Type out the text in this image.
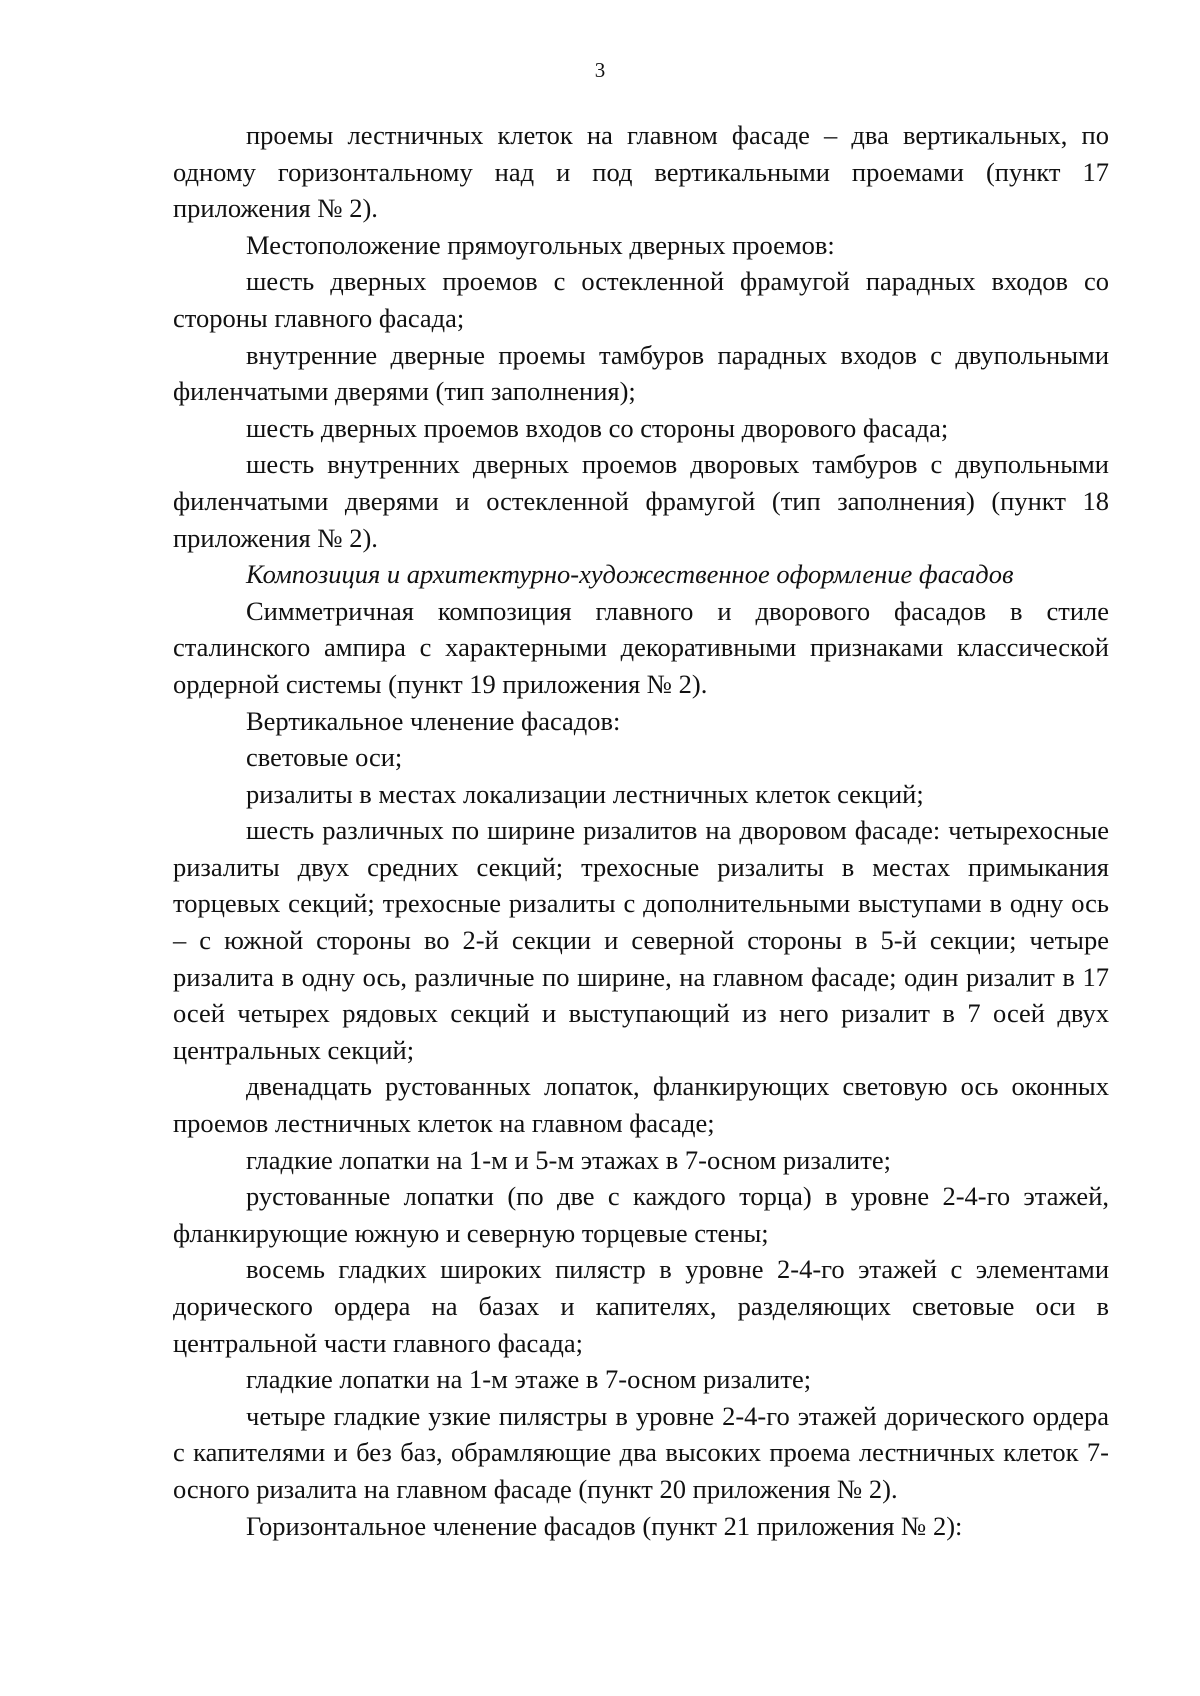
3

проемы лестничных клеток на главном фасаде – два вертикальных, по одному горизонтальному над и под вертикальными проемами (пункт 17 приложения № 2).

Местоположение прямоугольных дверных проемов:

шесть дверных проемов с остекленной фрамугой парадных входов со стороны главного фасада;

внутренние дверные проемы тамбуров парадных входов с двупольными филенчатыми дверями (тип заполнения);

шесть дверных проемов входов со стороны дворового фасада;

шесть внутренних дверных проемов дворовых тамбуров с двупольными филенчатыми дверями и остекленной фрамугой (тип заполнения) (пункт 18 приложения № 2).

Композиция и архитектурно-художественное оформление фасадов

Симметричная композиция главного и дворового фасадов в стиле сталинского ампира с характерными декоративными признаками классической ордерной системы (пункт 19 приложения № 2).

Вертикальное членение фасадов:

световые оси;

ризалиты в местах локализации лестничных клеток секций;

шесть различных по ширине ризалитов на дворовом фасаде: четырехосные ризалиты двух средних секций; трехосные ризалиты в местах примыкания торцевых секций; трехосные ризалиты с дополнительными выступами в одну ось – с южной стороны во 2-й секции и северной стороны в 5-й секции; четыре ризалита в одну ось, различные по ширине, на главном фасаде; один ризалит в 17 осей четырех рядовых секций и выступающий из него ризалит в 7 осей двух центральных секций;

двенадцать рустованных лопаток, фланкирующих световую ось оконных проемов лестничных клеток на главном фасаде;

гладкие лопатки на 1-м и 5-м этажах в 7-осном ризалите;

рустованные лопатки (по две с каждого торца) в уровне 2-4-го этажей, фланкирующие южную и северную торцевые стены;

восемь гладких широких пилястр в уровне 2-4-го этажей с элементами дорического ордера на базах и капителях, разделяющих световые оси в центральной части главного фасада;

гладкие лопатки на 1-м этаже в 7-осном ризалите;

четыре гладкие узкие пилястры в уровне 2-4-го этажей дорического ордера с капителями и без баз, обрамляющие два высоких проема лестничных клеток 7-осного ризалита на главном фасаде (пункт 20 приложения № 2).

Горизонтальное членение фасадов (пункт 21 приложения № 2):
